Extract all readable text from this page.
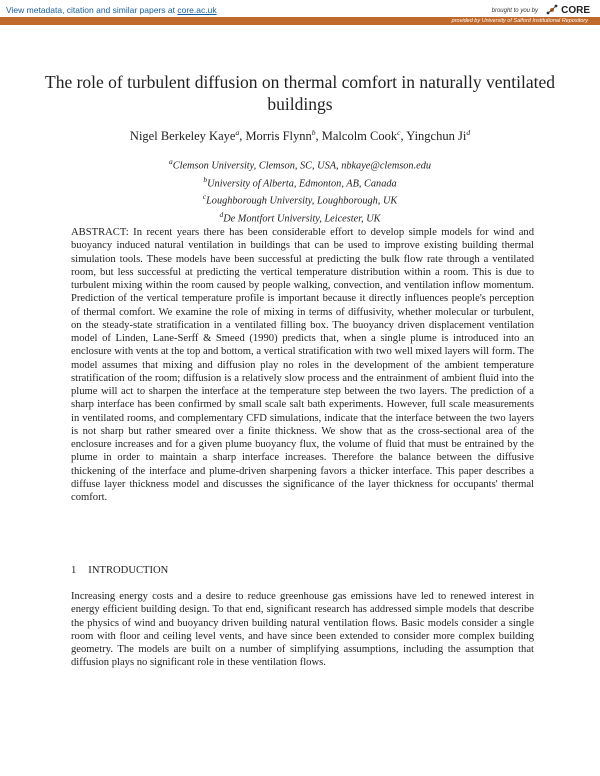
View metadata, citation and similar papers at core.ac.uk	brought to you by CORE
provided by University of Salford Institutional Repository
The role of turbulent diffusion on thermal comfort in naturally ventilated buildings
Nigel Berkeley Kaye$^a$, Morris Flynn$^b$, Malcolm Cook$^c$, Yingchun Ji$^d$
$^a$Clemson University, Clemson, SC, USA, nbkaye@clemson.edu
$^b$University of Alberta, Edmonton, AB, Canada
$^c$Loughborough University, Loughborough, UK
$^d$De Montfort University, Leicester, UK
ABSTRACT: In recent years there has been considerable effort to develop simple models for wind and buoyancy induced natural ventilation in buildings that can be used to improve existing building thermal simulation tools. These models have been successful at predicting the bulk flow rate through a ventilated room, but less successful at predicting the vertical temperature distribution within a room. This is due to turbulent mixing within the room caused by people walking, convection, and ventilation inflow momentum. Prediction of the vertical temperature profile is important because it directly influences people's perception of thermal comfort. We examine the role of mixing in terms of diffusivity, whether molecular or turbulent, on the steady-state stratification in a ventilated filling box. The buoyancy driven displacement ventilation model of Linden, Lane-Serff & Smeed (1990) predicts that, when a single plume is introduced into an enclosure with vents at the top and bottom, a vertical stratification with two well mixed layers will form. The model assumes that mixing and diffusion play no roles in the development of the ambient temperature stratification of the room; diffusion is a relatively slow process and the entrainment of ambient fluid into the plume will act to sharpen the interface at the temperature step between the two layers. The prediction of a sharp interface has been confirmed by small scale salt bath experiments. However, full scale measurements in ventilated rooms, and complementary CFD simulations, indicate that the interface between the two layers is not sharp but rather smeared over a finite thickness. We show that as the cross-sectional area of the enclosure increases and for a given plume buoyancy flux, the volume of fluid that must be entrained by the plume in order to maintain a sharp interface increases. Therefore the balance between the diffusive thickening of the interface and plume-driven sharpening favors a thicker interface. This paper describes a diffuse layer thickness model and discusses the significance of the layer thickness for occupants' thermal comfort.
1 INTRODUCTION
Increasing energy costs and a desire to reduce greenhouse gas emissions have led to renewed interest in energy efficient building design. To that end, significant research has addressed simple models that describe the physics of wind and buoyancy driven building natural ventilation flows. Basic models consider a single room with floor and ceiling level vents, and have since been extended to consider more complex building geometry. The models are built on a number of simplifying assumptions, including the assumption that diffusion plays no significant role in these ventilation flows.
